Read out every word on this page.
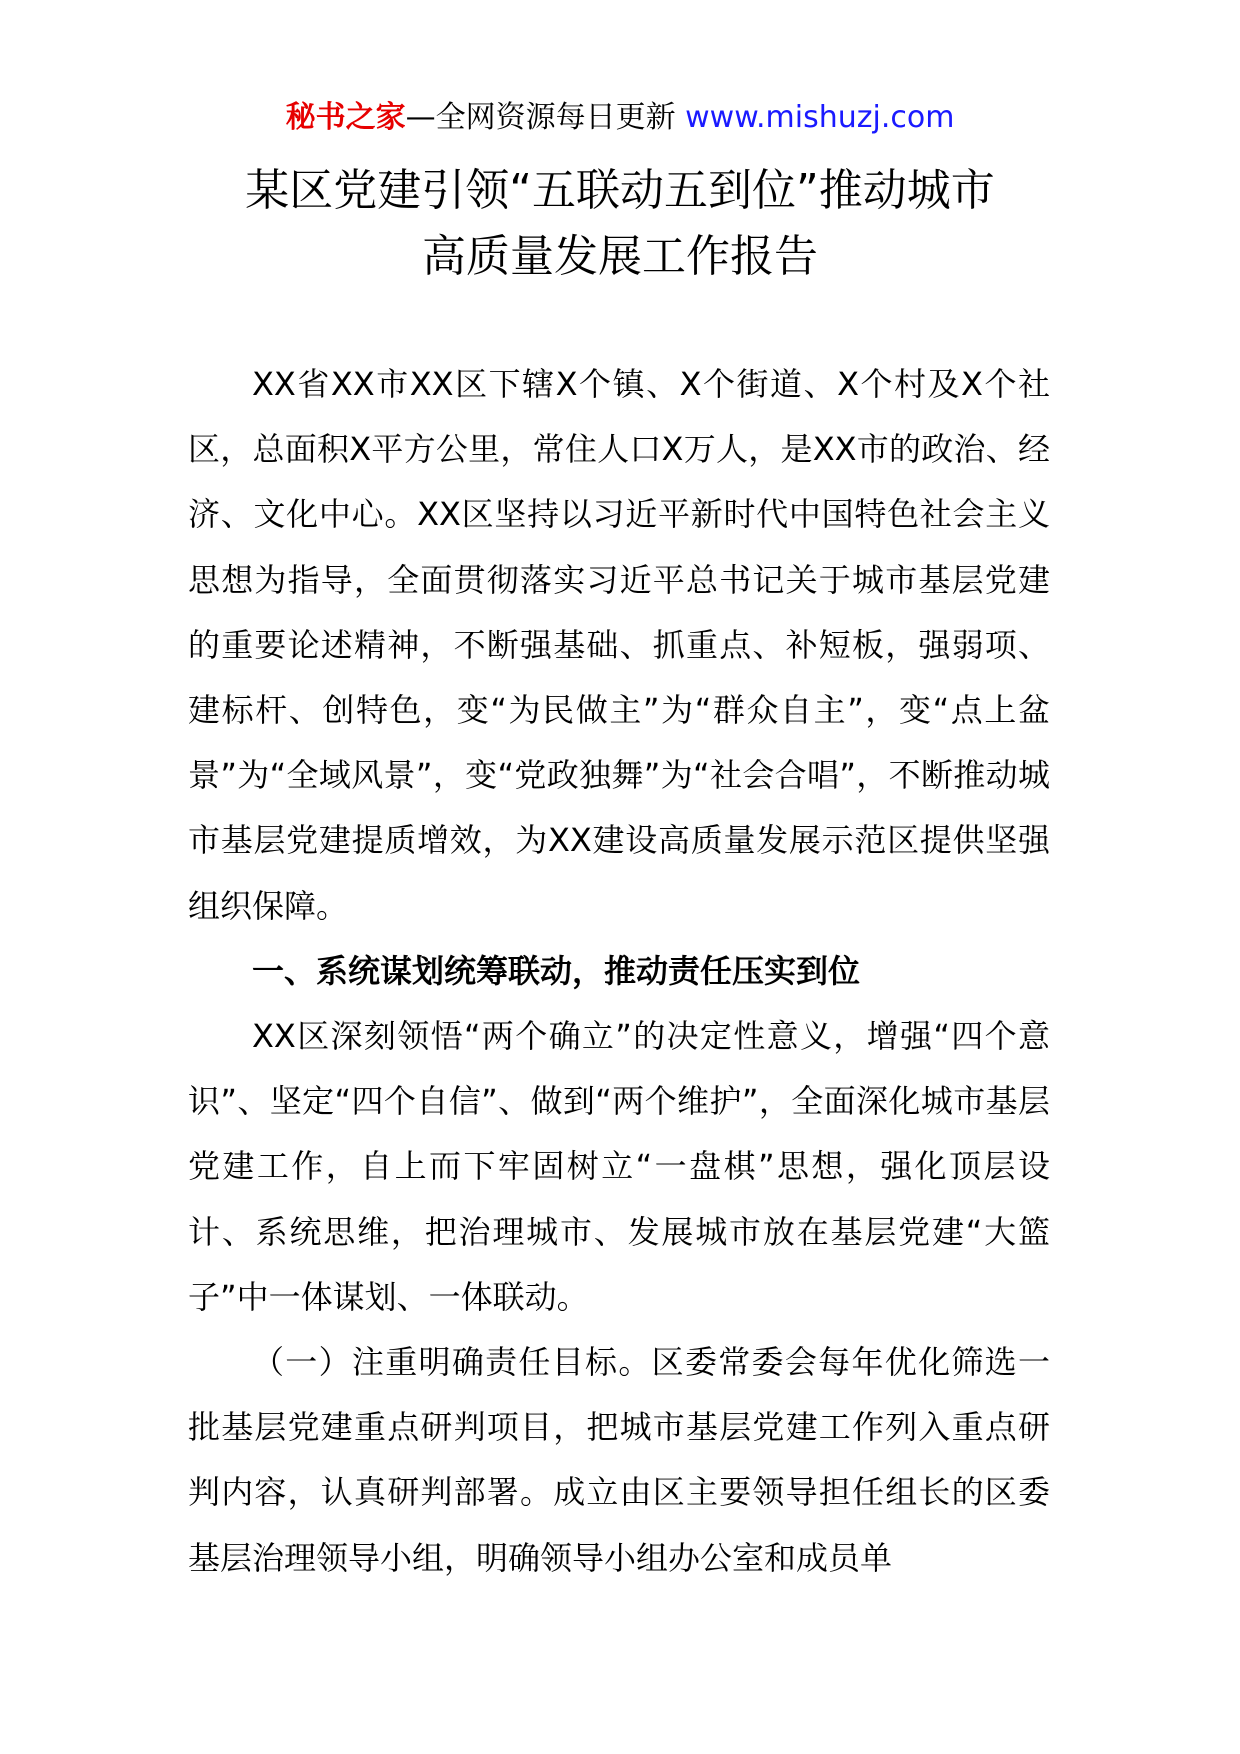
秘书之家—全网资源每日更新 www.mishuzj.com
某区党建引领“五联动五到位”推动城市
高质量发展工作报告

XX省XX市XX区下辖X个镇、X个街道、X个村及X个社区，总面积X平方公里，常住人口X万人，是XX市的政治、经济、文化中心。XX区坚持以习近平新时代中国特色社会主义思想为指导，全面贯彻落实习近平总书记关于城市基层党建的重要论述精神，不断强基础、抓重点、补短板，强弱项、建标杆、创特色，变“为民做主”为“群众自主”，变“点上盆景”为“全域风景”，变“党政独舞”为“社会合唱”，不断推动城市基层党建提质增效，为XX建设高质量发展示范区提供坚强组织保障。

一、系统谋划统筹联动，推动责任压实到位

XX区深刻领悟“两个确立”的决定性意义，增强“四个意识”、坚定“四个自信”、做到“两个维护”，全面深化城市基层党建工作，自上而下牢固树立“一盘棋”思想，强化顶层设计、系统思维，把治理城市、发展城市放在基层党建“大篮子”中一体谋划、一体联动。

（一）注重明确责任目标。区委常委会每年优化筛选一批基层党建重点研判项目，把城市基层党建工作列入重点研判内容，认真研判部署。成立由区主要领导担任组长的区委基层治理领导小组，明确领导小组办公室和成员单
